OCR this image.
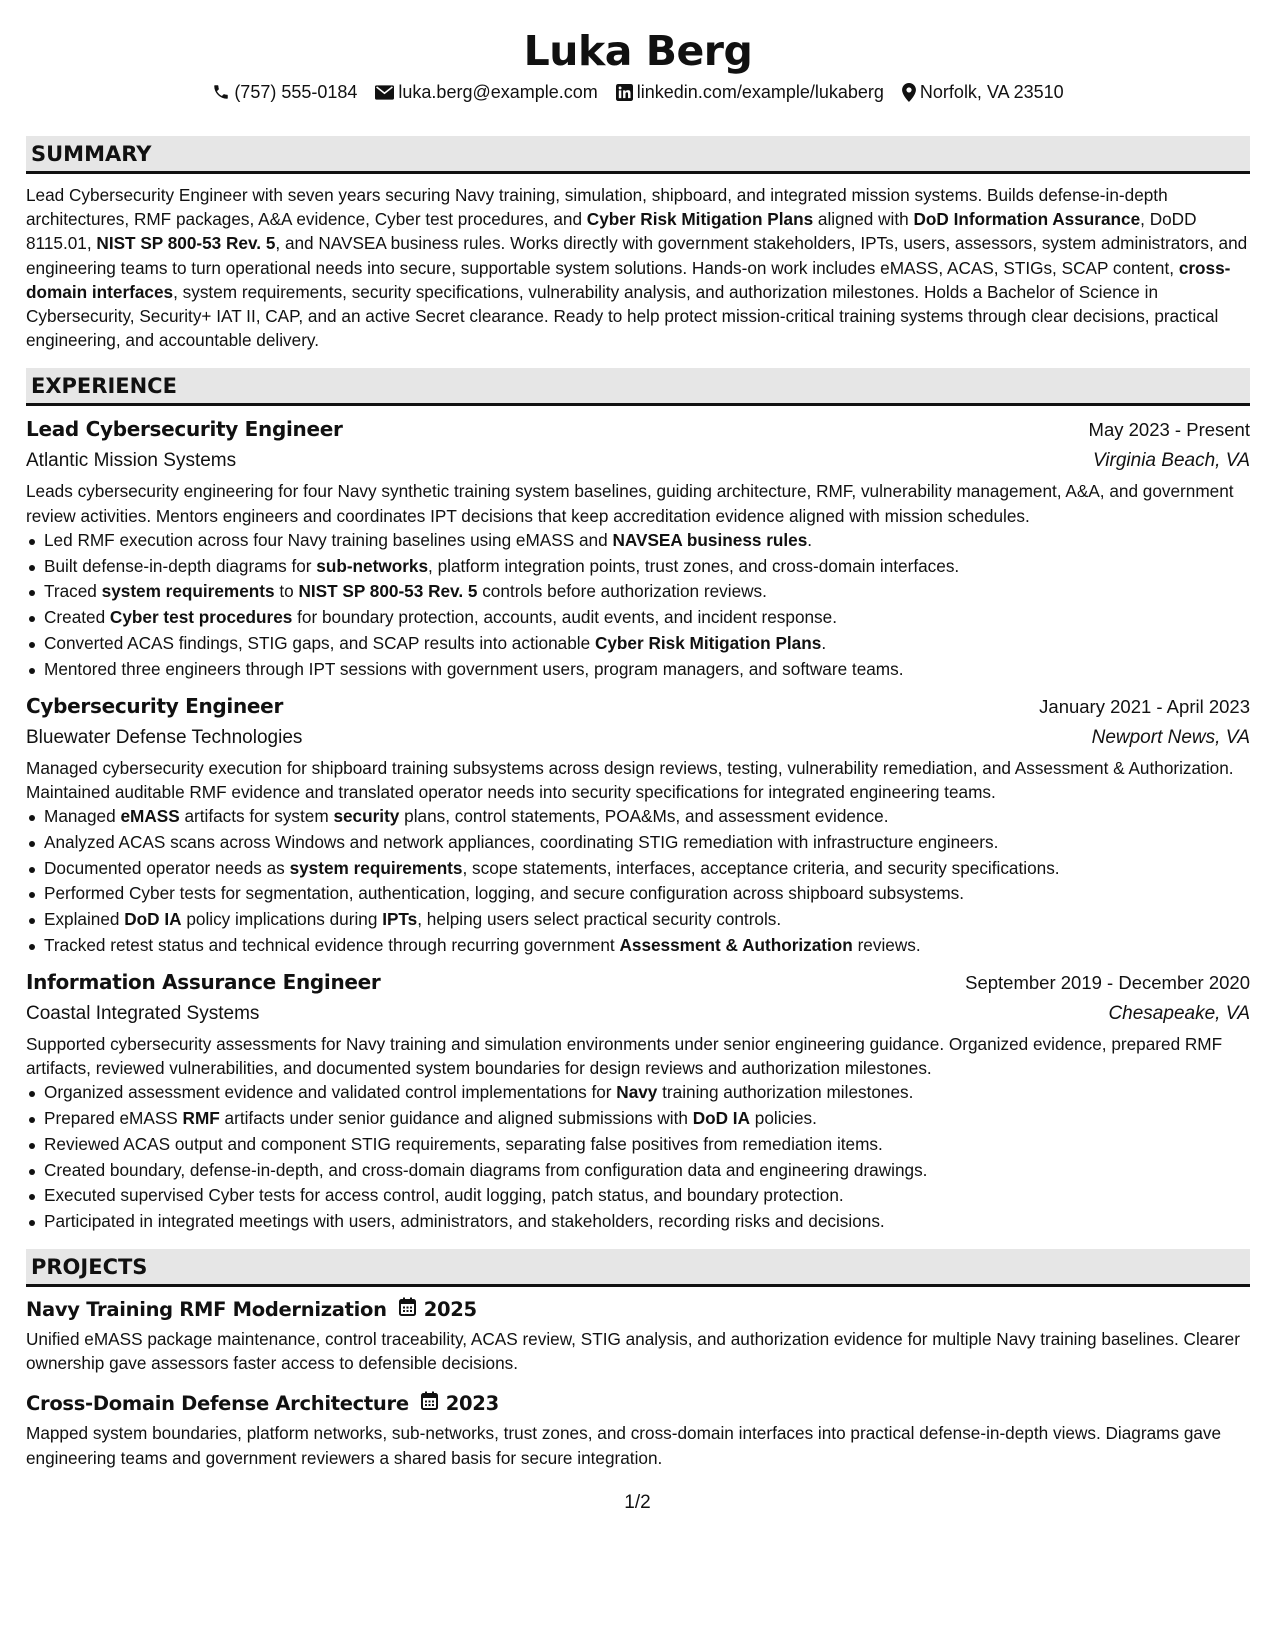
Luka Berg
(757) 555-0184 luka.berg@example.com linkedin.com/example/lukaberg Norfolk, VA 23510
SUMMARY

Lead Cybersecurity Engineer with seven years securing Navy training, simulation, shipboard, and integrated mission systems. Builds defense-in-depth architectures, RMF packages, A&A evidence, Cyber test procedures, and Cyber Risk Mitigation Plans aligned with DoD Information Assurance, DoDD 8115.01, NIST SP 800-53 Rev. 5, and NAVSEA business rules. Works directly with government stakeholders, IPTs, users, assessors, system administrators, and engineering teams to turn operational needs into secure, supportable system solutions. Hands-on work includes eMASS, ACAS, STIGs, SCAP content, cross-domain interfaces, system requirements, security specifications, vulnerability analysis, and authorization milestones. Holds a Bachelor of Science in Cybersecurity, Security+ IAT II, CAP, and an active Secret clearance. Ready to help protect mission-critical training systems through clear decisions, practical engineering, and accountable delivery.

EXPERIENCE
Lead Cybersecurity Engineer	May 2023 - Present
Atlantic Mission Systems	Virginia Beach, VA

Leads cybersecurity engineering for four Navy synthetic training system baselines, guiding architecture, RMF, vulnerability management, A&A, and government review activities. Mentors engineers and coordinates IPT decisions that keep accreditation evidence aligned with mission schedules.

Led RMF execution across four Navy training baselines using eMASS and NAVSEA business rules.
Built defense-in-depth diagrams for sub-networks, platform integration points, trust zones, and cross-domain interfaces.
Traced system requirements to NIST SP 800-53 Rev. 5 controls before authorization reviews.
Created Cyber test procedures for boundary protection, accounts, audit events, and incident response.
Converted ACAS findings, STIG gaps, and SCAP results into actionable Cyber Risk Mitigation Plans.
Mentored three engineers through IPT sessions with government users, program managers, and software teams.
Cybersecurity Engineer	January 2021 - April 2023
Bluewater Defense Technologies	Newport News, VA

Managed cybersecurity execution for shipboard training subsystems across design reviews, testing, vulnerability remediation, and Assessment & Authorization. Maintained auditable RMF evidence and translated operator needs into security specifications for integrated engineering teams.

Managed eMASS artifacts for system security plans, control statements, POA&Ms, and assessment evidence.
Analyzed ACAS scans across Windows and network appliances, coordinating STIG remediation with infrastructure engineers.
Documented operator needs as system requirements, scope statements, interfaces, acceptance criteria, and security specifications.
Performed Cyber tests for segmentation, authentication, logging, and secure configuration across shipboard subsystems.
Explained DoD IA policy implications during IPTs, helping users select practical security controls.
Tracked retest status and technical evidence through recurring government Assessment & Authorization reviews.
Information Assurance Engineer	September 2019 - December 2020
Coastal Integrated Systems	Chesapeake, VA

Supported cybersecurity assessments for Navy training and simulation environments under senior engineering guidance. Organized evidence, prepared RMF artifacts, reviewed vulnerabilities, and documented system boundaries for design reviews and authorization milestones.

Organized assessment evidence and validated control implementations for Navy training authorization milestones.
Prepared eMASS RMF artifacts under senior guidance and aligned submissions with DoD IA policies.
Reviewed ACAS output and component STIG requirements, separating false positives from remediation items.
Created boundary, defense-in-depth, and cross-domain diagrams from configuration data and engineering drawings.
Executed supervised Cyber tests for access control, audit logging, patch status, and boundary protection.
Participated in integrated meetings with users, administrators, and stakeholders, recording risks and decisions.
PROJECTS
Navy Training RMF Modernization 2025

Unified eMASS package maintenance, control traceability, ACAS review, STIG analysis, and authorization evidence for multiple Navy training baselines. Clearer ownership gave assessors faster access to defensible decisions.

Cross-Domain Defense Architecture 2023

Mapped system boundaries, platform networks, sub-networks, trust zones, and cross-domain interfaces into practical defense-in-depth views. Diagrams gave engineering teams and government reviewers a shared basis for secure integration.

1/2
